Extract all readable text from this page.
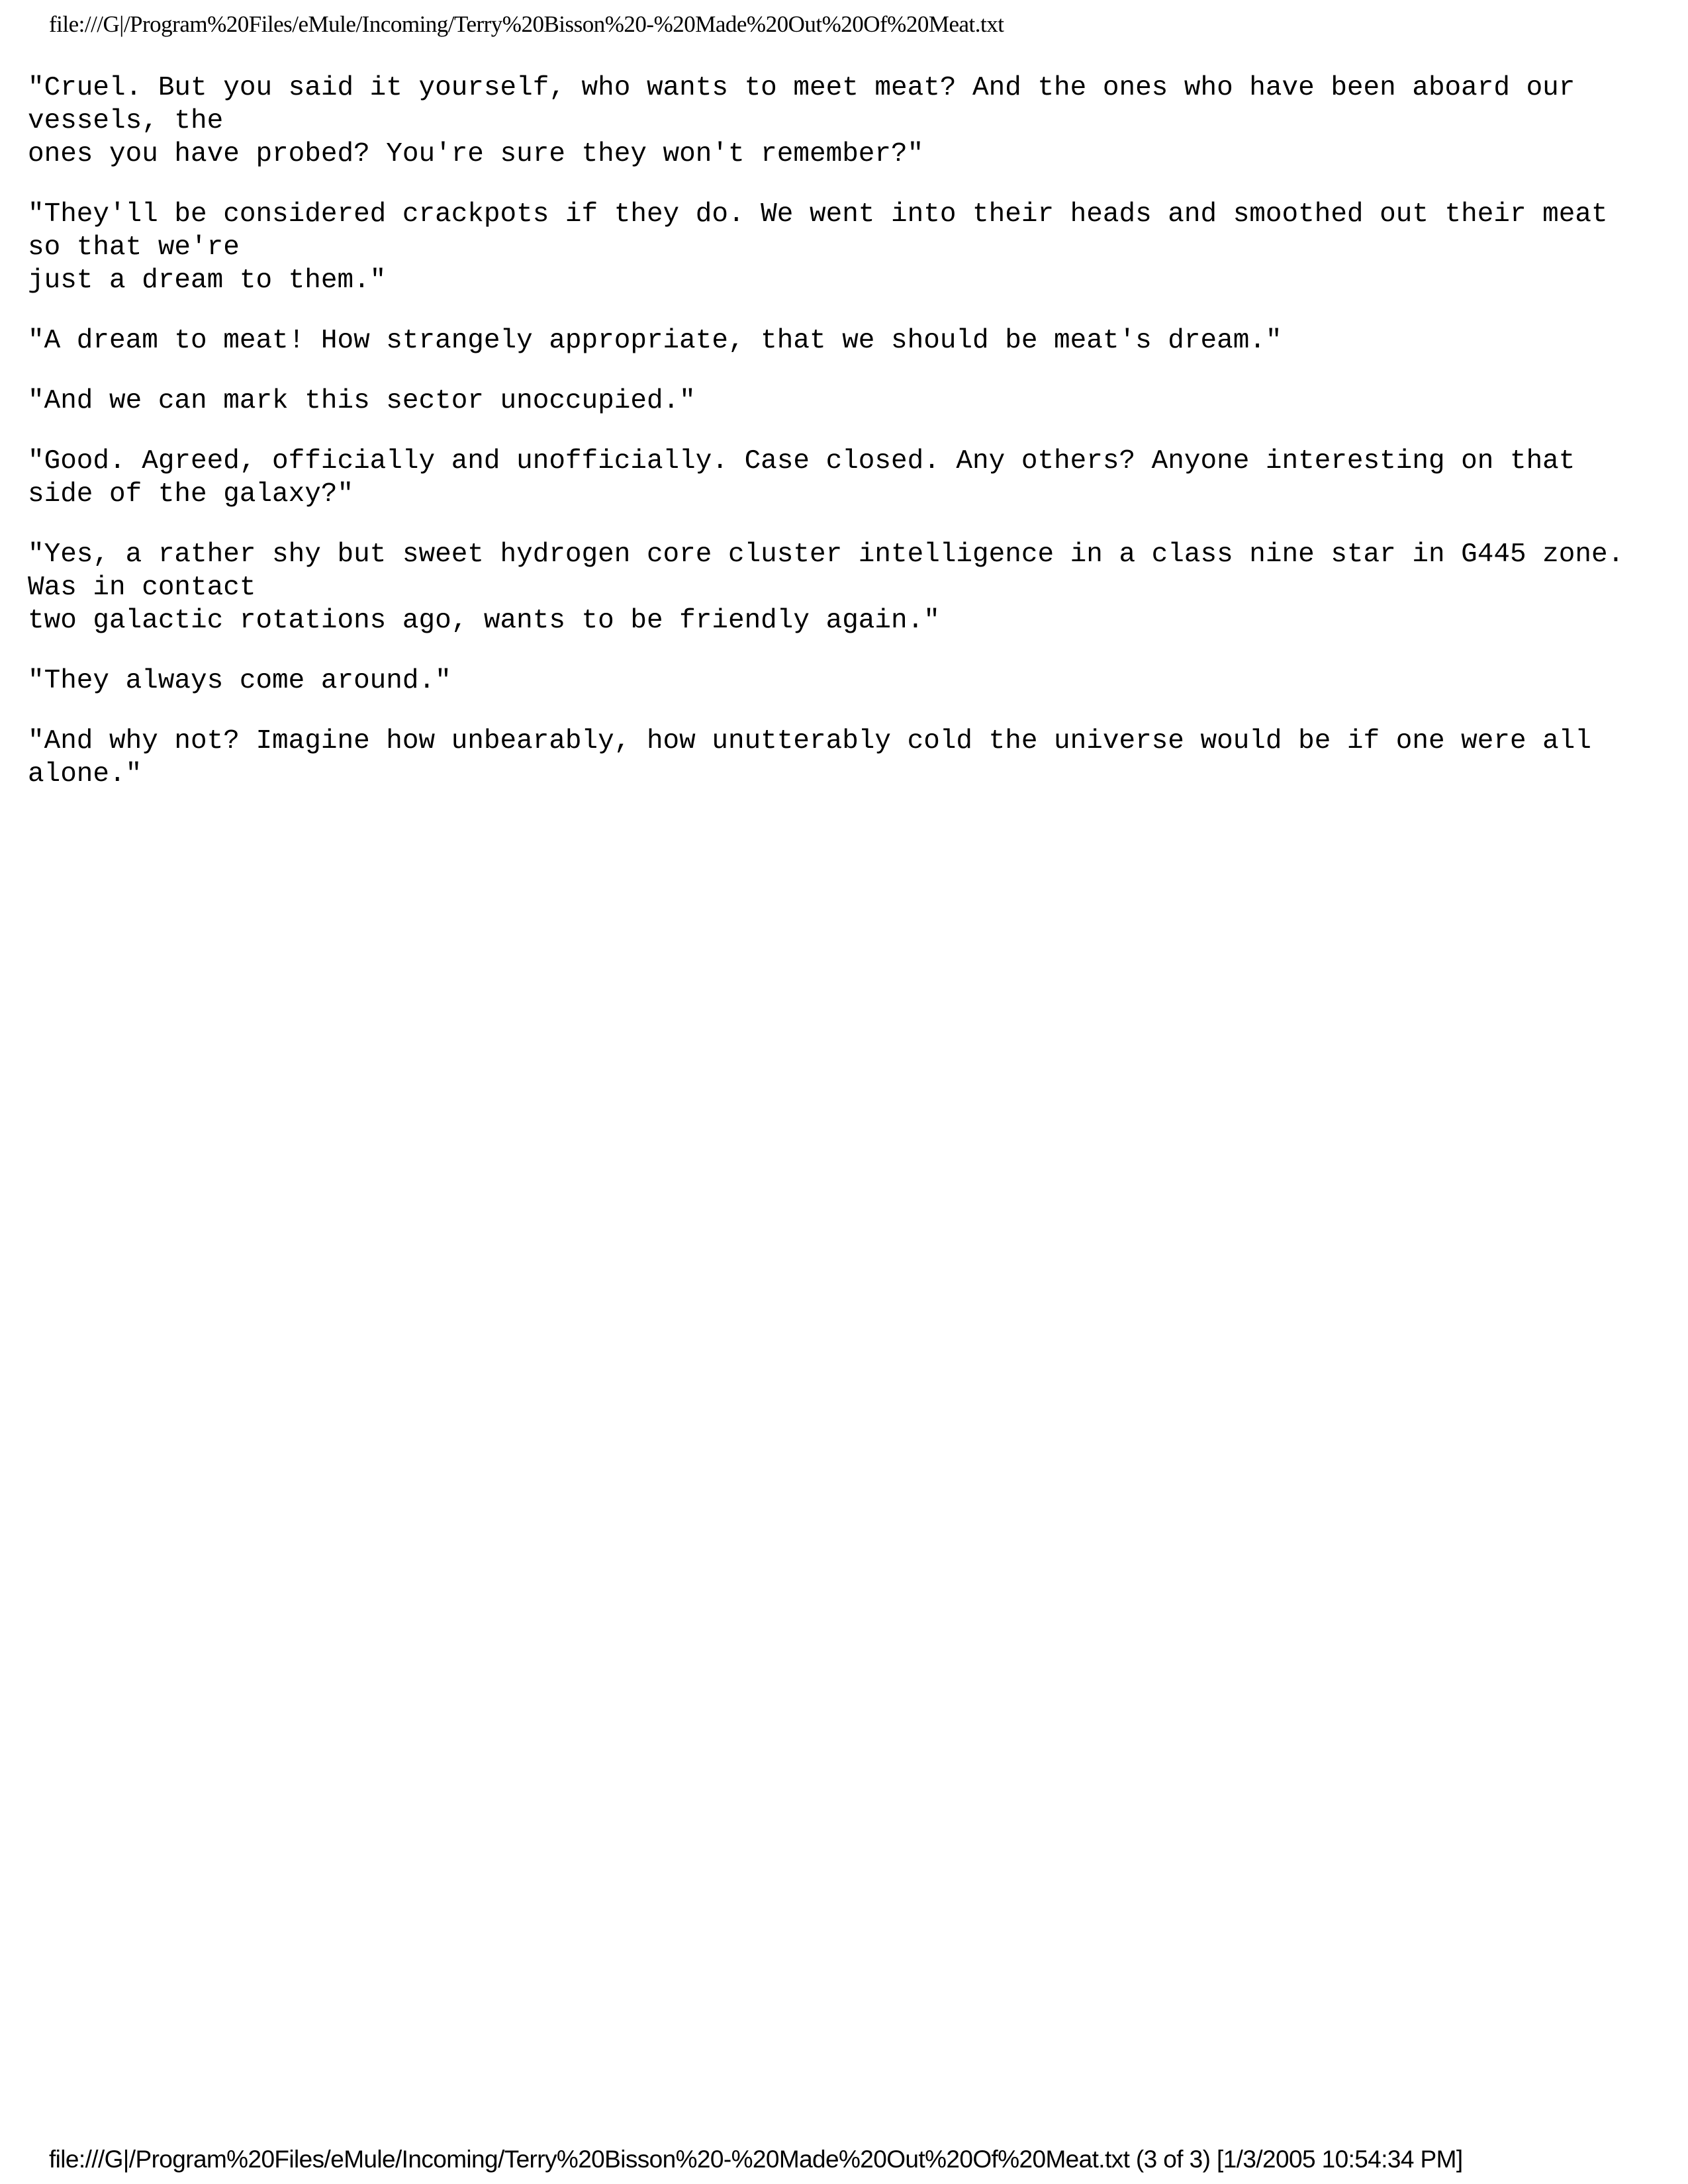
file:///G|/Program%20Files/eMule/Incoming/Terry%20Bisson%20-%20Made%20Out%20Of%20Meat.txt

"Cruel. But you said it yourself, who wants to meet meat? And the ones who have been aboard our
vessels, the
ones you have probed? You're sure they won't remember?"

"They'll be considered crackpots if they do. We went into their heads and smoothed out their meat
so that we're
just a dream to them."

"A dream to meat! How strangely appropriate, that we should be meat's dream."

"And we can mark this sector unoccupied."

"Good. Agreed, officially and unofficially. Case closed. Any others? Anyone interesting on that
side of the galaxy?"

"Yes, a rather shy but sweet hydrogen core cluster intelligence in a class nine star in G445 zone.
Was in contact
two galactic rotations ago, wants to be friendly again."

"They always come around."

"And why not? Imagine how unbearably, how unutterably cold the universe would be if one were all
alone."

file:///G|/Program%20Files/eMule/Incoming/Terry%20Bisson%20-%20Made%20Out%20Of%20Meat.txt (3 of 3) [1/3/2005 10:54:34 PM]
